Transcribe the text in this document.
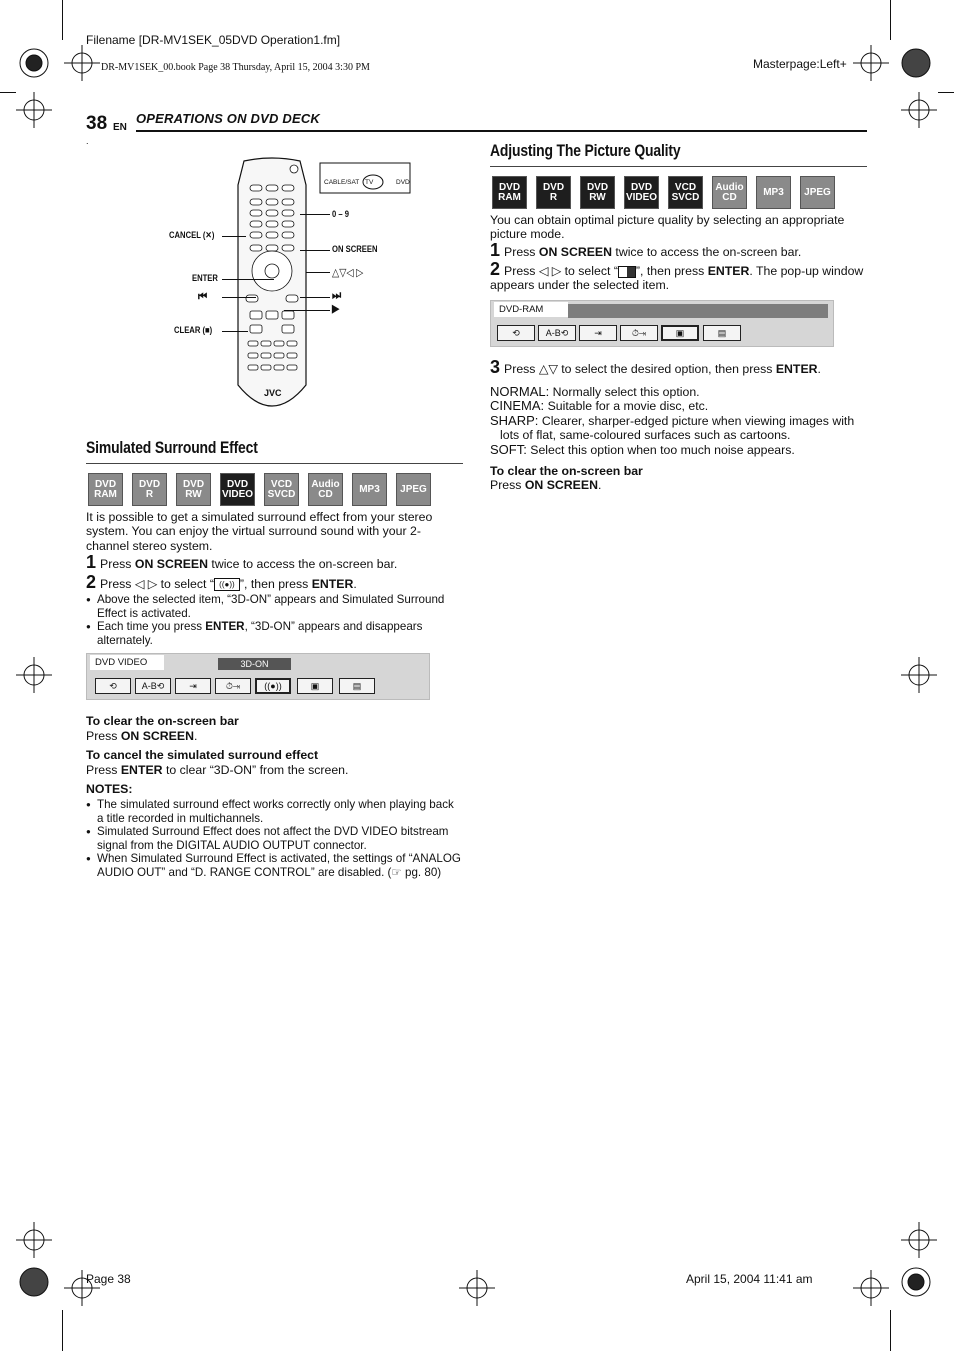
Filename [DR-MV1SEK_05DVD Operation1.fm]
DR-MV1SEK_00.book Page 38 Thursday, April 15, 2004 3:30 PM	Masterpage:Left+
38 EN
OPERATIONS ON DVD DECK
.
JVC
CABLE/SAT TV	DVD
CANCEL (✕)
ENTER
⏮
CLEAR (■)
0 – 9
ON SCREEN
△▽◁ ▷
⏭
▶
Simulated Surround Effect
DVD
RAM
DVD
R
DVD
RW
DVD
VIDEO
VCD
SVCD
Audio
CD	MP3 JPEG
It is possible to get a simulated surround effect from your stereo system. You can enjoy the virtual surround sound with your 2-channel stereo system.
1 Press ON SCREEN twice to access the on-screen bar.
2 Press ◁ ▷ to select “ ((●)) ”, then press ENTER.
● Above the selected item, “3D-ON” appears and Simulated Surround Effect is activated.
● Each time you press ENTER, “3D-ON” appears and disappears alternately.
DVD VIDEO	3D-ON
⟲	A-B ⟲	⇥	⏱⇥	((●))	▣	▤
To clear the on-screen bar
Press ON SCREEN.
To cancel the simulated surround effect
Press ENTER to clear “3D-ON” from the screen.
NOTES:
● The simulated surround effect works correctly only when playing back a title recorded in multichannels.
● Simulated Surround Effect does not affect the DVD VIDEO bitstream signal from the DIGITAL AUDIO OUTPUT connector.
● When Simulated Surround Effect is activated, the settings of “ANALOG AUDIO OUT” and “D. RANGE CONTROL” are disabled. (☞ pg. 80)
Adjusting The Picture Quality
DVD
RAM
DVD
R
DVD
RW
DVD
VIDEO
VCD
SVCD
Audio
CD	MP3 JPEG
You can obtain optimal picture quality by selecting an appropriate picture mode.
1 Press ON SCREEN twice to access the on-screen bar.
2 Press ◁ ▷ to select “ ”, then press ENTER. The pop-up window appears under the selected item.
DVD-RAM
⟲	A-B ⟲	⇥	⏱⇥	▣	▤
3 Press △▽ to select the desired option, then press ENTER.
NORMAL: Normally select this option.
CINEMA: Suitable for a movie disc, etc.
SHARP: Clearer, sharper-edged picture when viewing images with lots of flat, same-coloured surfaces such as cartoons.
SOFT: Select this option when too much noise appears.
To clear the on-screen bar
Press ON SCREEN.
Page 38	April 15, 2004 11:41 am
